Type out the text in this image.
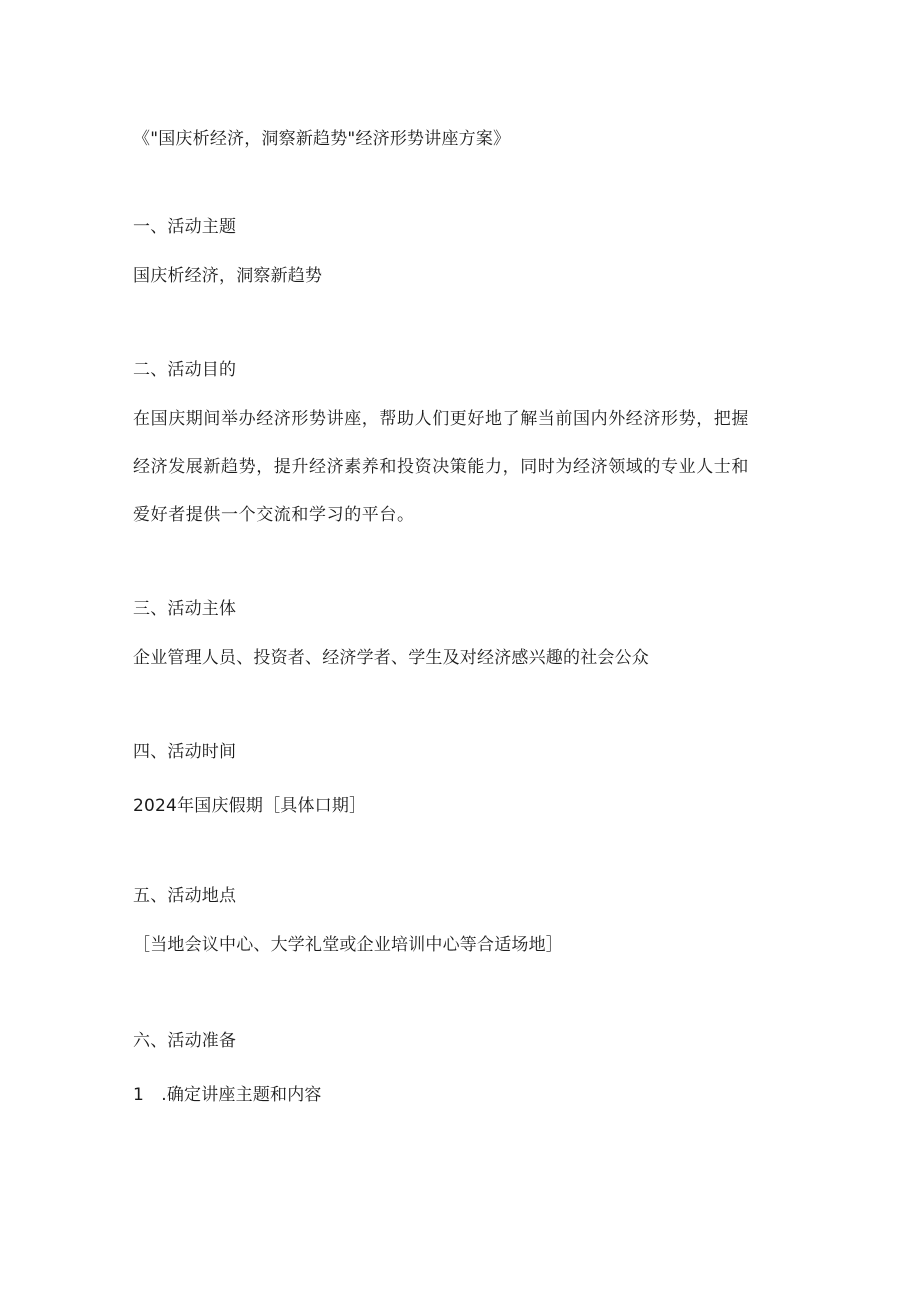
《"国庆析经济，洞察新趋势"经济形势讲座方案》
一、活动主题
国庆析经济，洞察新趋势
二、活动目的

在国庆期间举办经济形势讲座，帮助人们更好地了解当前国内外经济形势，把握

经济发展新趋势，提升经济素养和投资决策能力，同时为经济领域的专业人士和

爱好者提供一个交流和学习的平台。

三、活动主体
企业管理人员、投资者、经济学者、学生及对经济感兴趣的社会公众
四、活动时间
2024年国庆假期［具体口期］
五、活动地点
［当地会议中心、大学礼堂或企业培训中心等合适场地］
六、活动准备
1　.确定讲座主题和内容
